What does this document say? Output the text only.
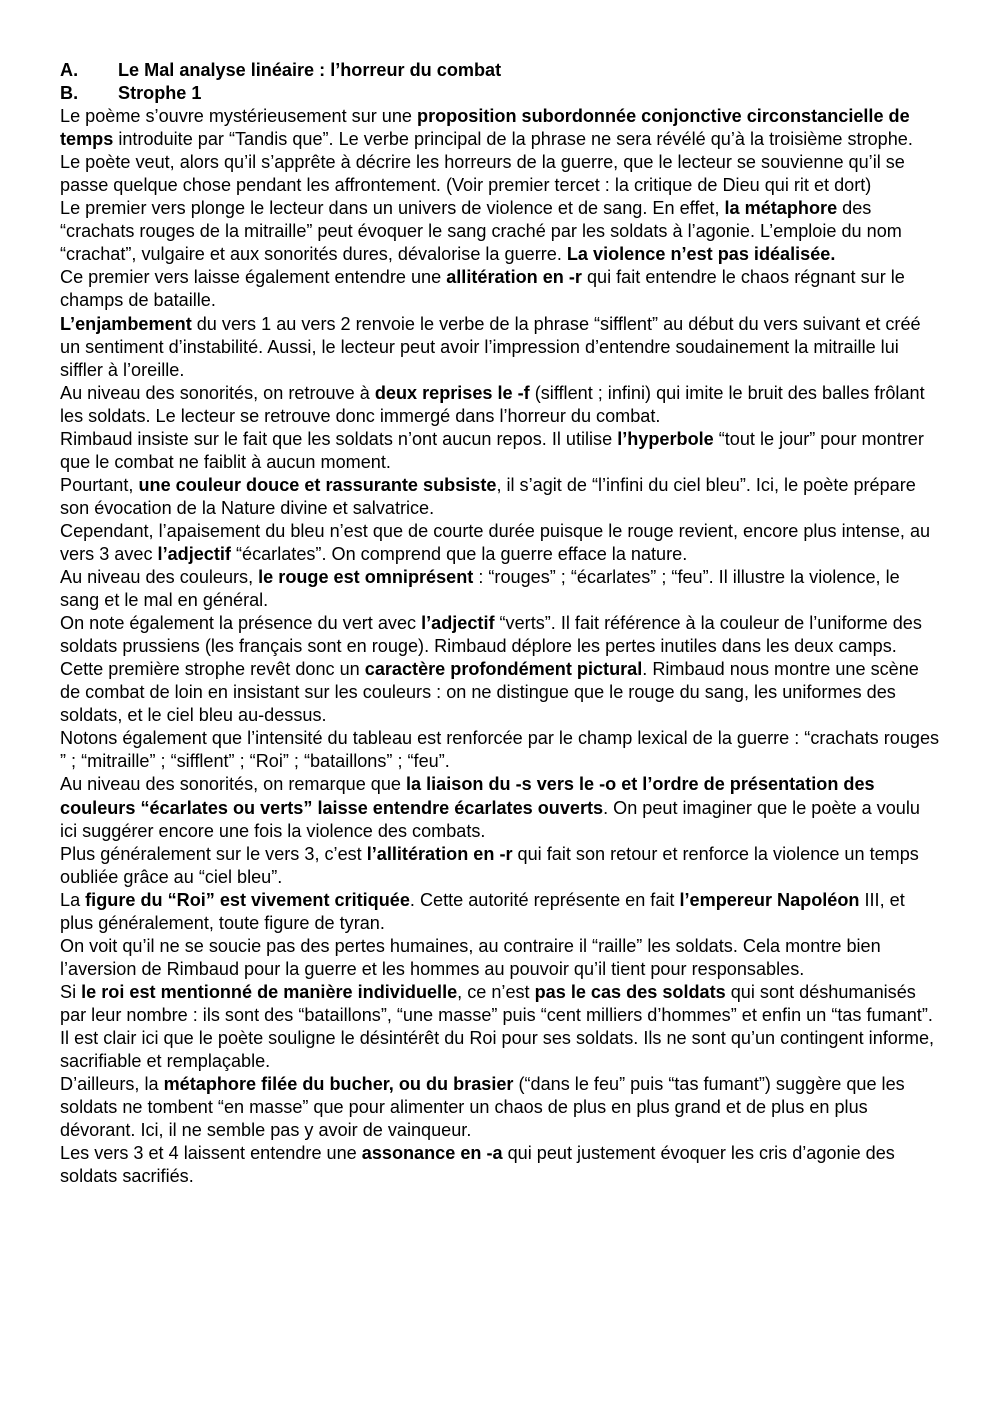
A. Le Mal analyse linéaire : l’horreur du combat
B. Strophe 1

Le poème s’ouvre mystérieusement sur une proposition subordonnée conjonctive circonstancielle de temps introduite par “Tandis que”. Le verbe principal de la phrase ne sera révélé qu’à la troisième strophe.

Le poète veut, alors qu’il s’apprête à décrire les horreurs de la guerre, que le lecteur se souvienne qu’il se passe quelque chose pendant les affrontement. (Voir premier tercet : la critique de Dieu qui rit et dort)

Le premier vers plonge le lecteur dans un univers de violence et de sang. En effet, la métaphore des “crachats rouges de la mitraille” peut évoquer le sang craché par les soldats à l’agonie. L’emploie du nom “crachat”, vulgaire et aux sonorités dures, dévalorise la guerre. La violence n’est pas idéalisée.

Ce premier vers laisse également entendre une allitération en -r qui fait entendre le chaos régnant sur le champs de bataille.

L’enjambement du vers 1 au vers 2 renvoie le verbe de la phrase “sifflent” au début du vers suivant et créé un sentiment d’instabilité. Aussi, le lecteur peut avoir l’impression d’entendre soudainement la mitraille lui siffler à l’oreille.

Au niveau des sonorités, on retrouve à deux reprises le -f (sifflent ; infini) qui imite le bruit des balles frôlant les soldats. Le lecteur se retrouve donc immergé dans l’horreur du combat.

Rimbaud insiste sur le fait que les soldats n’ont aucun repos. Il utilise l’hyperbole “tout le jour” pour montrer que le combat ne faiblit à aucun moment.

Pourtant, une couleur douce et rassurante subsiste, il s’agit de “l’infini du ciel bleu”. Ici, le poète prépare son évocation de la Nature divine et salvatrice.

Cependant, l’apaisement du bleu n’est que de courte durée puisque le rouge revient, encore plus intense, au vers 3 avec l’adjectif “écarlates”. On comprend que la guerre efface la nature.

Au niveau des couleurs, le rouge est omniprésent : “rouges” ; “écarlates” ; “feu”. Il illustre la violence, le sang et le mal en général.

On note également la présence du vert avec l’adjectif “verts”. Il fait référence à la couleur de l’uniforme des soldats prussiens (les français sont en rouge). Rimbaud déplore les pertes inutiles dans les deux camps.

Cette première strophe revêt donc un caractère profondément pictural. Rimbaud nous montre une scène de combat de loin en insistant sur les couleurs : on ne distingue que le rouge du sang, les uniformes des soldats, et le ciel bleu au-dessus.

Notons également que l’intensité du tableau est renforcée par le champ lexical de la guerre : “crachats rouges ” ; “mitraille” ; “sifflent” ; “Roi” ; “bataillons” ; “feu”.

Au niveau des sonorités, on remarque que la liaison du -s vers le -o et l’ordre de présentation des couleurs “écarlates ou verts” laisse entendre écarlates ouverts. On peut imaginer que le poète a voulu ici suggérer encore une fois la violence des combats.

Plus généralement sur le vers 3, c’est l’allitération en -r qui fait son retour et renforce la violence un temps oubliée grâce au “ciel bleu”.

La figure du “Roi” est vivement critiquée. Cette autorité représente en fait l’empereur Napoléon III, et plus généralement, toute figure de tyran.

On voit qu’il ne se soucie pas des pertes humaines, au contraire il “raille” les soldats. Cela montre bien l’aversion de Rimbaud pour la guerre et les hommes au pouvoir qu’il tient pour responsables.

Si le roi est mentionné de manière individuelle, ce n’est pas le cas des soldats qui sont déshumanisés par leur nombre : ils sont des “bataillons”, “une masse” puis “cent milliers d’hommes” et enfin un “tas fumant”.

Il est clair ici que le poète souligne le désintérêt du Roi pour ses soldats. Ils ne sont qu’un contingent informe, sacrifiable et remplaçable.

D’ailleurs, la métaphore filée du bucher, ou du brasier (“dans le feu” puis “tas fumant”) suggère que les soldats ne tombent “en masse” que pour alimenter un chaos de plus en plus grand et de plus en plus dévorant. Ici, il ne semble pas y avoir de vainqueur.

Les vers 3 et 4 laissent entendre une assonance en -a qui peut justement évoquer les cris d’agonie des soldats sacrifiés.
